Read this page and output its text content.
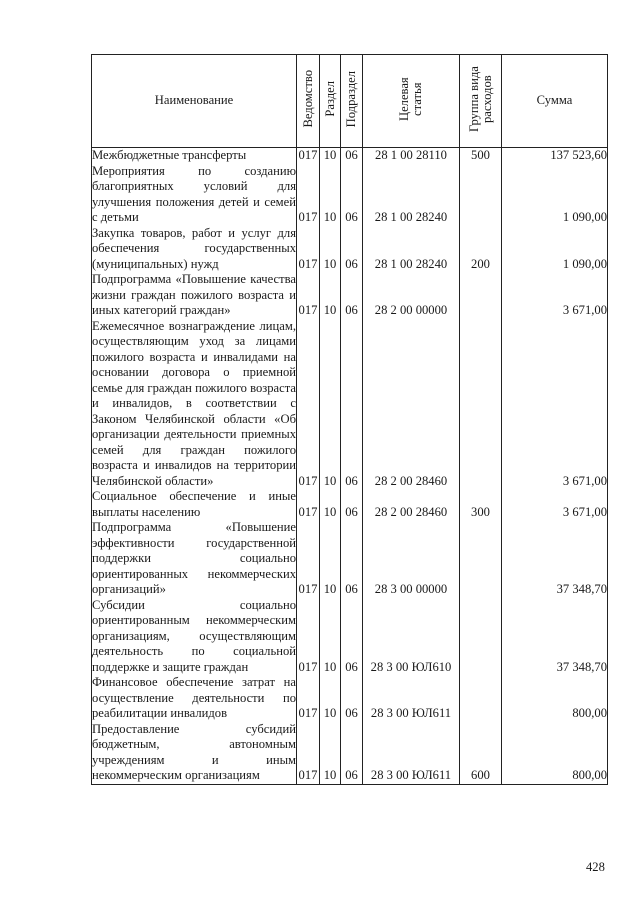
Наименование	Ведомство	Раздел	Подраздел	Целевая статья	Группа вида расходов	Сумма
Межбюджетные трансферты	017	10	06	28 1 00 28110	500	137 523,60
Мероприятия по созданию благоприятных условий для улучшения положения детей и семей с детьми	017	10	06	28 1 00 28240		1 090,00
Закупка товаров, работ и услуг для обеспечения государственных (муниципальных) нужд	017	10	06	28 1 00 28240	200	1 090,00
Подпрограмма «Повышение качества жизни граждан пожилого возраста и иных категорий граждан»	017	10	06	28 2 00 00000		3 671,00
Ежемесячное вознаграждение лицам, осуществляющим уход за лицами пожилого возраста и инвалидами на основании договора о приемной семье для граждан пожилого возраста и инвалидов, в соответствии с Законом Челябинской области «Об организации деятельности приемных семей для граждан пожилого возраста и инвалидов на территории Челябинской области»	017	10	06	28 2 00 28460		3 671,00
Социальное обеспечение и иные выплаты населению	017	10	06	28 2 00 28460	300	3 671,00
Подпрограмма «Повышение эффективности государственной поддержки социально ориентированных некоммерческих организаций»	017	10	06	28 3 00 00000		37 348,70
Субсидии социально ориентированным некоммерческим организациям, осуществляющим деятельность по социальной поддержке и защите граждан	017	10	06	28 3 00 ЮЛ610		37 348,70
Финансовое обеспечение затрат на осуществление деятельности по реабилитации инвалидов	017	10	06	28 3 00 ЮЛ611		800,00
Предоставление субсидий бюджетным, автономным учреждениям и иным некоммерческим организациям	017	10	06	28 3 00 ЮЛ611	600	800,00
428
